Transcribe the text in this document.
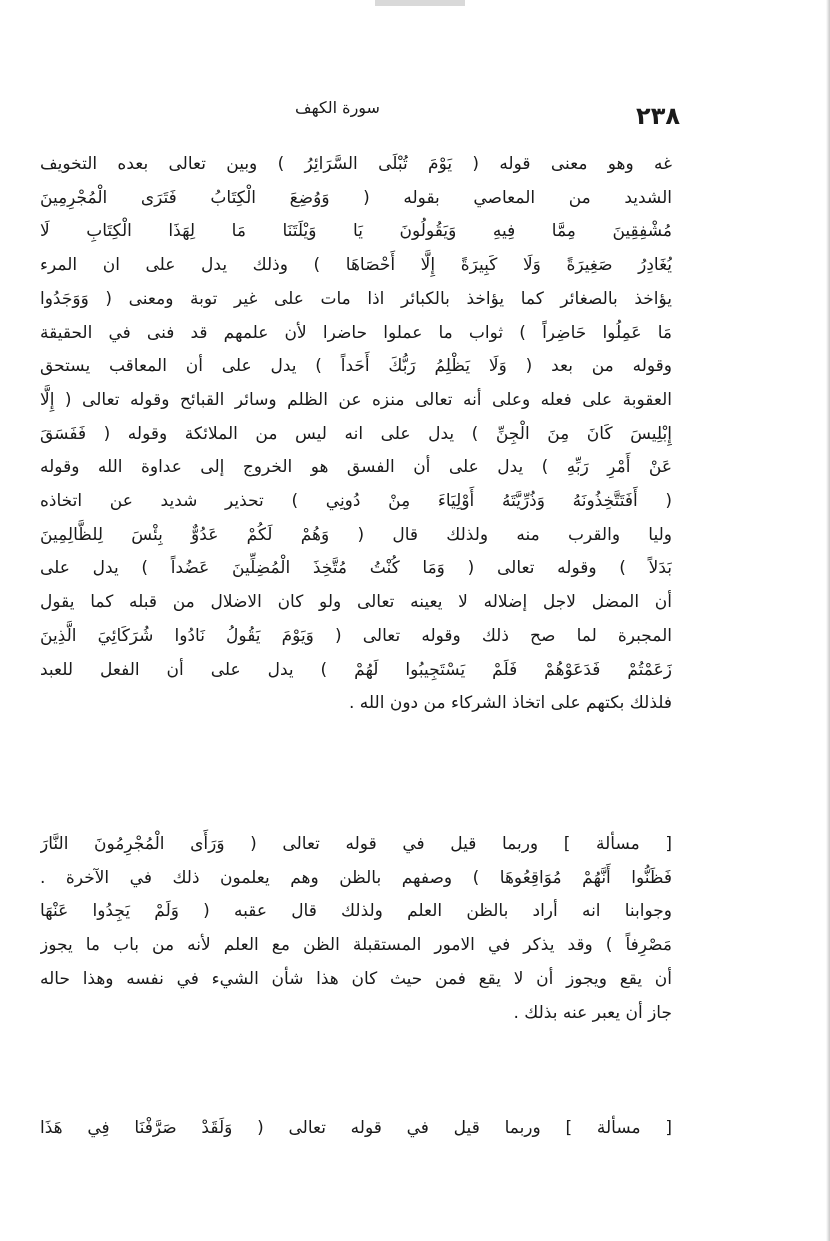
سورة الكهف	٢٣٨
غه وهو معنى قوله ( يَوْمَ تُبْلَى السَّرَائِرُ ) وبين تعالى بعده التخويف
الشديد من المعاصي بقوله ( وَوُضِعَ الْكِتَابُ فَتَرَى الْمُجْرِمِينَ
مُشْفِقِينَ مِمَّا فِيهِ وَيَقُولُونَ يَا وَيْلَتَنَا مَا لِهَذَا الْكِتَابِ لَا
يُغَادِرُ صَغِيرَةً وَلَا كَبِيرَةً إِلَّا أَحْصَاهَا ) وذلك يدل على ان المرء
يؤاخذ بالصغائر كما يؤاخذ بالكبائر اذا مات على غير توبة ومعنى ( وَوَجَدُوا
مَا عَمِلُوا حَاضِراً ) ثواب ما عملوا حاضرا لأن علمهم قد فنى في الحقيقة
وقوله من بعد ( وَلَا يَظْلِمُ رَبُّكَ أَحَداً ) يدل على أن المعاقب يستحق
العقوبة على فعله وعلى أنه تعالى منزه عن الظلم وسائر القبائح وقوله تعالى ( إِلَّا
إِبْلِيسَ كَانَ مِنَ الْجِنِّ ) يدل على انه ليس من الملائكة وقوله ( فَفَسَقَ
عَنْ أَمْرِ رَبِّهِ ) يدل على أن الفسق هو الخروج إلى عداوة الله وقوله
( أَفَتَتَّخِذُونَهُ وَذُرِّيَّتَهُ أَوْلِيَاءَ مِنْ دُونِي ) تحذير شديد عن اتخاذه
وليا والقرب منه ولذلك قال ( وَهُمْ لَكُمْ عَدُوٌّ بِئْسَ لِلظَّالِمِينَ
بَدَلاً ) وقوله تعالى ( وَمَا كُنْتُ مُتَّخِذَ الْمُضِلِّينَ عَضُداً ) يدل على
أن المضل لاجل إضلاله لا يعينه تعالى ولو كان الاضلال من قبله كما يقول
المجبرة لما صح ذلك وقوله تعالى ( وَيَوْمَ يَقُولُ نَادُوا شُرَكَائِيَ الَّذِينَ
زَعَمْتُمْ فَدَعَوْهُمْ فَلَمْ يَسْتَجِيبُوا لَهُمْ ) يدل على أن الفعل للعبد
فلذلك بكتهم على اتخاذ الشركاء من دون الله .
[ مسألة ] وربما قيل في قوله تعالى ( وَرَأَى الْمُجْرِمُونَ النَّارَ
فَظَنُّوا أَنَّهُمْ مُوَاقِعُوهَا ) وصفهم بالظن وهم يعلمون ذلك في الآخرة .
وجوابنا انه أراد بالظن العلم ولذلك قال عقبه ( وَلَمْ يَجِدُوا عَنْهَا
مَصْرِفاً ) وقد يذكر في الامور المستقبلة الظن مع العلم لأنه من باب ما يجوز
أن يقع ويجوز أن لا يقع فمن حيث كان هذا شأن الشيء في نفسه وهذا حاله
جاز أن يعبر عنه بذلك .
[ مسألة ] وربما قيل في قوله تعالى ( وَلَقَدْ صَرَّفْنَا فِي هَذَا
